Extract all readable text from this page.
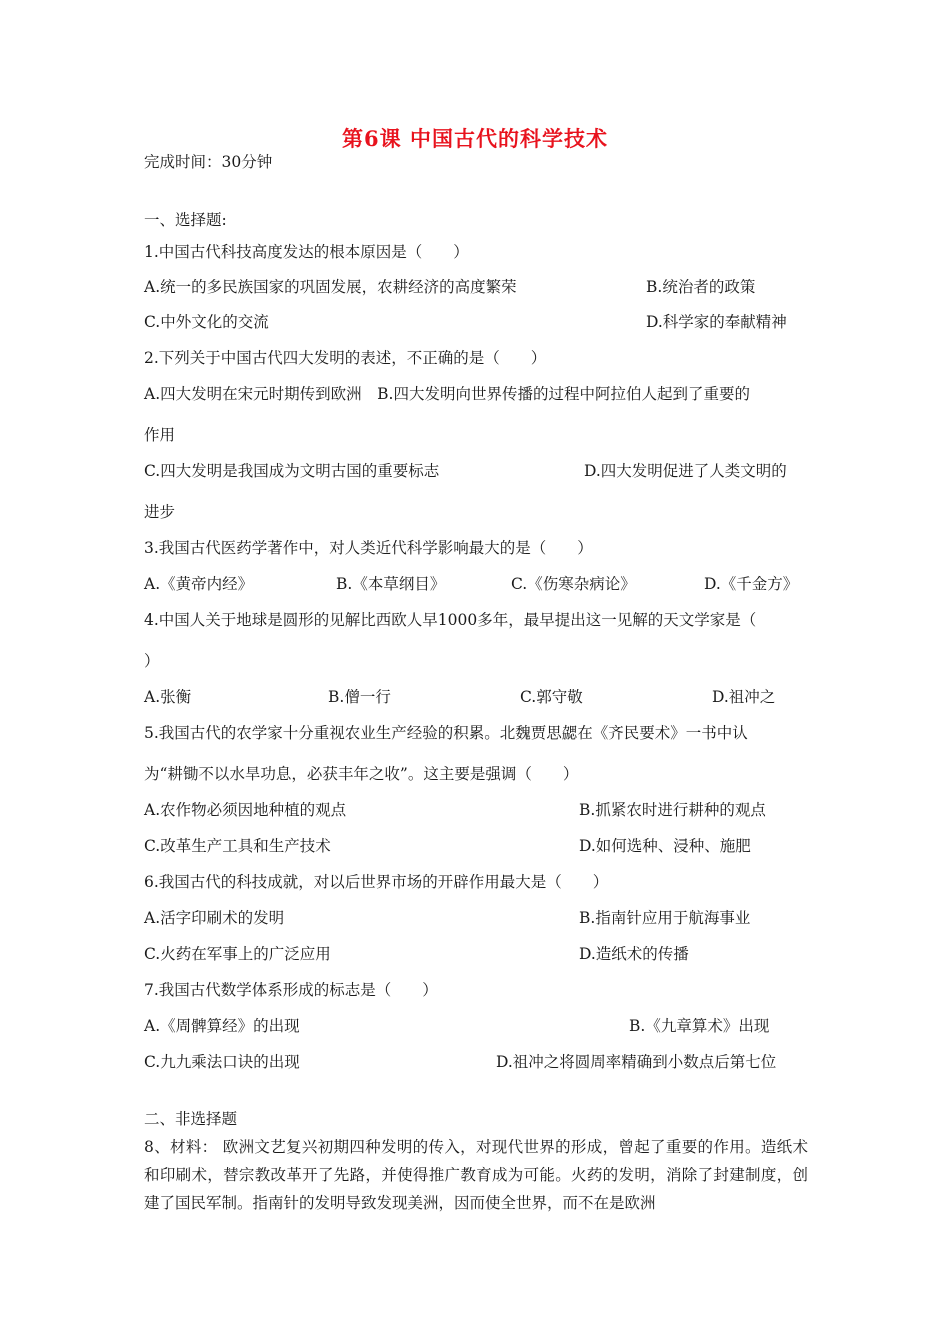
第6课 中国古代的科学技术
完成时间：30分钟
一、选择题:
1.中国古代科技高度发达的根本原因是（　　）
A.统一的多民族国家的巩固发展，农耕经济的高度繁荣	B.统治者的政策
C.中外文化的交流	D.科学家的奉献精神
2.下列关于中国古代四大发明的表述，不正确的是（　　）
A.四大发明在宋元时期传到欧洲　B.四大发明向世界传播的过程中阿拉伯人起到了重要的
作用
C.四大发明是我国成为文明古国的重要标志	D.四大发明促进了人类文明的
进步
3.我国古代医药学著作中，对人类近代科学影响最大的是（　　）
A.《黄帝内经》	B.《本草纲目》	C.《伤寒杂病论》	D.《千金方》
4.中国人关于地球是圆形的见解比西欧人早1000多年，最早提出这一见解的天文学家是（
）
A.张衡	B.僧一行	C.郭守敬	D.祖冲之
5.我国古代的农学家十分重视农业生产经验的积累。北魏贾思勰在《齐民要术》一书中认
为“耕锄不以水旱功息，必获丰年之收”。这主要是强调（　　）
A.农作物必须因地种植的观点	B.抓紧农时进行耕种的观点
C.改革生产工具和生产技术	D.如何选种、浸种、施肥
6.我国古代的科技成就，对以后世界市场的开辟作用最大是（　　）
A.活字印刷术的发明	B.指南针应用于航海事业
C.火药在军事上的广泛应用	D.造纸术的传播
7.我国古代数学体系形成的标志是（　　）
A.《周髀算经》的出现	B.《九章算术》出现
C.九九乘法口诀的出现	D.祖冲之将圆周率精确到小数点后第七位
二、非选择题
8、材料： 欧洲文艺复兴初期四种发明的传入，对现代世界的形成，曾起了重要的作用。造纸术和印刷术，替宗教改革开了先路，并使得推广教育成为可能。火药的发明，消除了封建制度，创建了国民军制。指南针的发明导致发现美洲，因而使全世界，而不在是欧洲
